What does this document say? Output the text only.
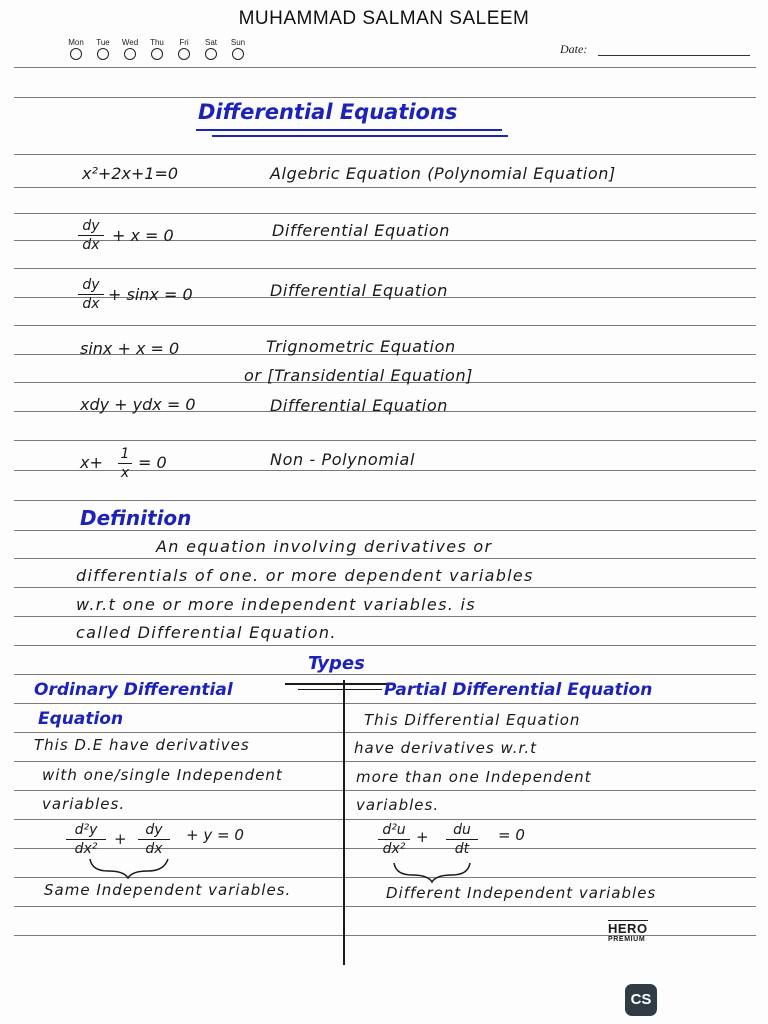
MUHAMMAD SALMAN SALEEM
Mon	Tue	Wed	Thu	Fri	Sat	Sun	Date:
Differential Equations
x²+2x+1=0	Algebric Equation (Polynomial Equation]
dy
dx + x = 0	Differential Equation
dy
dx + sinx = 0	Differential Equation
sinx + x = 0	Trignometric Equation
or [Transidential Equation]
xdy + ydx = 0	Differential Equation
x+ 1
x
= 0	Non - Polynomial
Definition
An equation involving derivatives or
differentials of one. or more dependent variables
w.r.t one or more independent variables. is
called Differential Equation.
Types
Ordinary Differential
Equation
This D.E have derivatives
with one/single Independent
variables.
d²y
dx²
+	dy
dx
+ y = 0
Same Independent variables.
Partial Differential Equation
This Differential Equation
have derivatives w.r.t
more than one Independent
variables.
d²u
dx²
+	du
dt
= 0
Different Independent variables
HERO
PREMIUM
CS
